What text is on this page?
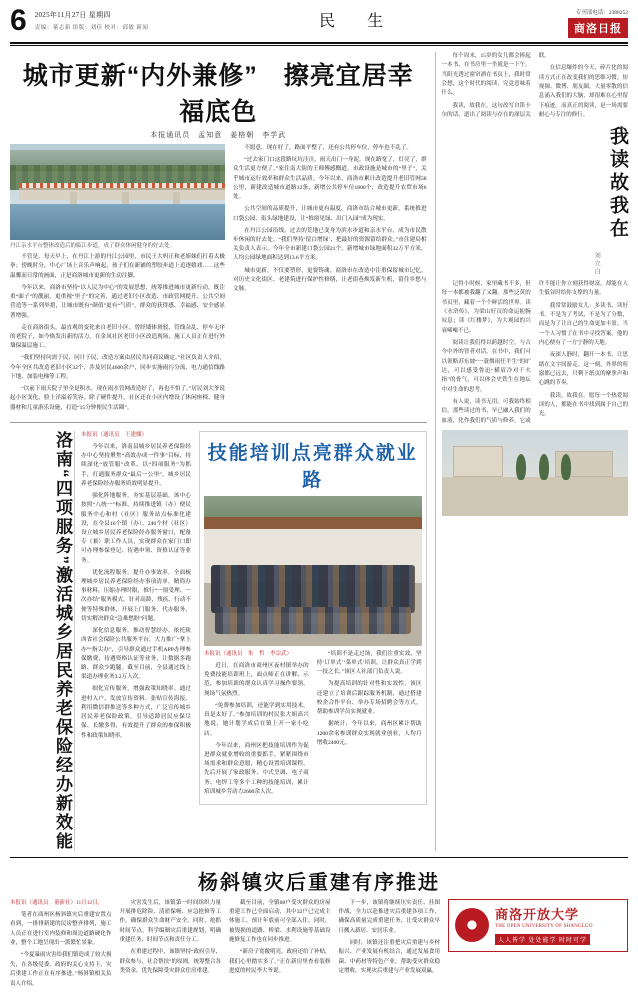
6 2025年11月27日 星期四
责编：董志新 组版：刘佳 校对：邱敏 新闻	民 生	专刊部电话：2388252
商洛日报
城市更新“内外兼修”　擦亮宜居幸福底色
本报通讯员　孟知意　姜格朝　李学武
丹江亲水平台整体改造后的临江步道，成了群众休闲健身的好去处。

不管是，每天早上，在丹江上游的丹江公园里，市民王大妈正和老姐妹们打着太极拳；傍晚时分，中心广场上音乐声响起，孩子们在新铺的塑胶步道上追逐嬉戏……这些温馨而日常的画面，正是商洛城市更新的生动注脚。

今年以来，商洛市坚持“以人民为中心”的发展思想，统筹推进城市更新行动，既注重“面子”的靓丽，更重视“里子”的完善，通过老旧小区改造、市政管网提升、公共空间营造等一系列举措，让城市既有“颜值”更有“气质”，群众的获得感、幸福感、安全感显著增强。

走在商洛街头，最直观的变化来自老旧小区。曾经墙体斑驳、管线杂乱、停车无序的老院子，如今焕发出新的活力。在金凤社区老旧小区改造现场，施工人员正在进行外墙保温层施工。

“我们坚持问需于民、问计于民，改造方案由居民共同商议确定。”社区负责人介绍，今年全区共改造老旧小区32个，涉及居民4600余户，同步实施雨污分流、电力通信线路下地、加装电梯等工程。

“以前下雨天院子里全是积水，现在雨水管网改造好了，再也不怕了。”居民刘大爷说起小区变化，脸上洋溢着笑容。除了硬件提升，社区还在小区内增设了休闲座椅、健身器材和儿童游乐设施，打造“15分钟便民生活圈”。

不愿意，现在好了，路面平整了，还有公共停车位，停车也不乱了。

“过去家门口这段路坑坑洼洼，雨天出门一身泥。现在路宽了，灯亮了，群众生活更方便了。”家住南大街的王师傅感慨道。市政设施是城市的“里子”，关乎城市运行效率和群众生活品质。今年以来，商洛市累计改造提升老旧管网58公里，新建改造城市道路12条，新增公共停车位1800个，改造提升农贸市场6处。

公共空间的品质提升，让城市更有温度。商洛市结合城市更新，系统推进口袋公园、街头绿地建设，让“推窗见绿、出门入园”成为现实。

在丹江公园沿线，过去的荒地已变身为滨水步道和亲水平台，成为市民散步休闲的好去处。“我们坚持‘留白增绿’，把最好的资源留给群众。”市住建局相关负责人表示，今年全市新建口袋公园21个，新增城市绿地面积32万平方米，人均公园绿地面积达到13.6平方米。

城市更新，不仅要塑形，更要铸魂。商洛市在改造中注重保留城市记忆，对历史文化街区、老建筑进行保护性修缮，让老街巷焕发新生机，留住乡愁与文脉。

洛南“四项服务”激活城乡居民养老保险经办新效能	本报讯（通讯员　王建娜）

今年以来，洛南县城乡居民养老保险经办中心坚持聚焦“高效办成一件事”目标，持续深化“放管服”改革，以“四项服务”为抓手，打通服务群众“最后一公里”，城乡居民养老保险经办服务质效明显提升。

强化阵地服务，夯实基层基础。该中心按照“八统一”标准，持续推进镇（办）便民服务中心和村（社区）服务站点标准化建设，在全县16个镇（办）、246个村（社区）设立城乡居民养老保险经办服务窗口，配备专（兼）职工作人员，实现群众在家门口即可办理参保登记、待遇申领、资格认证等业务。

优化流程服务，提升办事效率。全面梳理城乡居民养老保险经办事项清单，精简办事材料，压缩办理时限，推行“一窗受理、一次办结”服务模式。针对高龄、残疾、行动不便等特殊群体，开展上门服务、代办服务，切实解决群众“急难愁盼”问题。

深化信息服务，推动智慧经办。依托陕西省社会保险公共服务平台，大力推广“掌上办”“指尖办”，引导群众通过手机APP办理参保缴费、待遇资格认证等业务，让数据多跑路、群众少跑腿。截至目前，全县通过线上渠道办理业务3.2万人次。

细化宣传服务，增强政策知晓率。通过进村入户、发放宣传资料、张贴宣传海报、利用微信群推送等多种方式，广泛宣传城乡居民养老保险政策，引导适龄居民应保尽保、长缴多得，有效提升了群众的参保积极性和政策知晓率。

技能培训点亮群众就业路

本报讯（通讯员　朱　哲　李宗武）

近日，在商洛市商州区夜村镇举办的免费技能培训班上，面点师正在讲解、示范，参加培训的群众认真学习操作要领，现场气氛热烈。

“免费参加培训，还能学到实用技术，真是太好了。”参加培训的村民张大姐高兴地说，她计划学成后在镇上开一家小吃店。

今年以来，商州区把技能培训作为促进群众就业增收的重要抓手，紧紧围绕市场需求和群众意愿，精心设置培训课程，先后开展了家政服务、中式烹调、电子商务、电焊工等多个工种的技能培训，累计培训城乡劳动力2600余人次。

“培训不是走过场，我们注重实效，坚持‘订单式’‘菜单式’培训，让群众真正学到一技之长。”该区人社部门负责人说。

为提高培训的针对性和实效性，该区还建立了培训后跟踪服务机制，通过搭建校企合作平台、举办专场招聘会等方式，帮助参训学员实现就业。

据统计，今年以来，商州区累计帮助1200余名参训群众实现就业创业，人均月增收2400元。

每个周末，15岁的女儿都会捧起一本书，在书房里一坐就是一下午。当阳光透过窗帘洒在书页上，我时常会想，这个时代的阅读，究竟意味着什么。

我读，故我在。这句改写自笛卡尔的话，道出了阅读与存在的深层关联。

在信息爆炸的今天，碎片化的阅读方式正在改变我们的思维习惯。短视频、微博、朋友圈，大量零散的信息涌入我们的大脑，却很难在心里留下痕迹。而真正的阅读，是一场需要耐心与专注的修行。

刘立白
我读故我在

记得小时候，家里藏书不多，但每一本都被我翻了又翻。那些泛黄的书页里，藏着一个个鲜活的世界。读《水浒传》，为梁山好汉的命运扼腕叹息；读《红楼梦》，为大观园的兴衰唏嘘不已。

阅读让我们得以跨越时空，与古今中外的智者对话。在书中，我们可以领略苏东坡“一蓑烟雨任平生”的旷达，可以感受鲁迅“横眉冷对千夫指”的骨气，可以体会史铁生在地坛中对生命的思考。

有人说，读书无用。可我始终相信，那些读过的书，早已融入我们的血液，化作我们的气质与修养。它或许不能让你立刻获得财富，却能在人生低谷时给你支撑的力量。

我常常鼓励女儿：多读书、读好书。不是为了考试，不是为了分数，而是为了让自己的生命更加丰盈。当一个人习惯了在书中寻找答案，他的内心便有了一方宁静的天地。

夜深人静时，翻开一本书，让思绪在文字间游走。这一刻，外界的喧嚣都已远去，只剩下纸页的摩挲声和心跳的节奏。

我读，故我在。愿每一个热爱阅读的人，都能在书中找到属于自己的光。

杨斜镇灾后重建有序推进

本报讯（通讯员　董新社）11月12日，

笔者在商州区杨斜镇灾后重建安置点看到，一排排新建的民房整齐排列，施工人员正在进行室内装修和周边道路硬化作业，整个工地呈现出一派繁忙景象。

“今夏暴雨灾害给我们镇造成了较大损失，在各级党委、政府的关心支持下，灾后重建工作正在有序推进。”杨斜镇相关负责人介绍。

灾害发生后，该镇第一时间组织力量开展排危除险、清淤保畅、应急抢修等工作，确保群众生命财产安全。同时，抢抓时间节点，科学编制灾后重建规划，明确重建任务、时间节点和责任分工。

在重建过程中，该镇坚持“政府引导、群众参与、社会帮扶”的原则，统筹整合各类资金，优先保障受灾群众住房重建。

截至目前，全镇68户受灾群众的房屋重建工作已全面启动，其中32户已完成主体施工，预计年底前可全部入住。同时，被毁损的道路、桥梁、水利设施等基础设施修复工作也在同步推进。

“新房子宽敞明亮，政府还给了补贴，我们心里踏实多了。”正在新房里查看装修进度的村民李大爷说。

下一步，该镇将继续压实责任、挂图作战，全力以赴推进灾后重建各项工作，确保高质量完成重建任务，让受灾群众早日搬入新居、安居乐业。

同时，该镇还注重把灾后重建与乡村振兴、产业发展有机结合，通过发展食用菌、中药材等特色产业，帮助受灾群众稳定增收，实现灾后重建与产业发展双赢。

商洛开放大学
THE OPEN UNIVERSITY OF SHANGLUO
人人皆学 处处能学 时时可学
